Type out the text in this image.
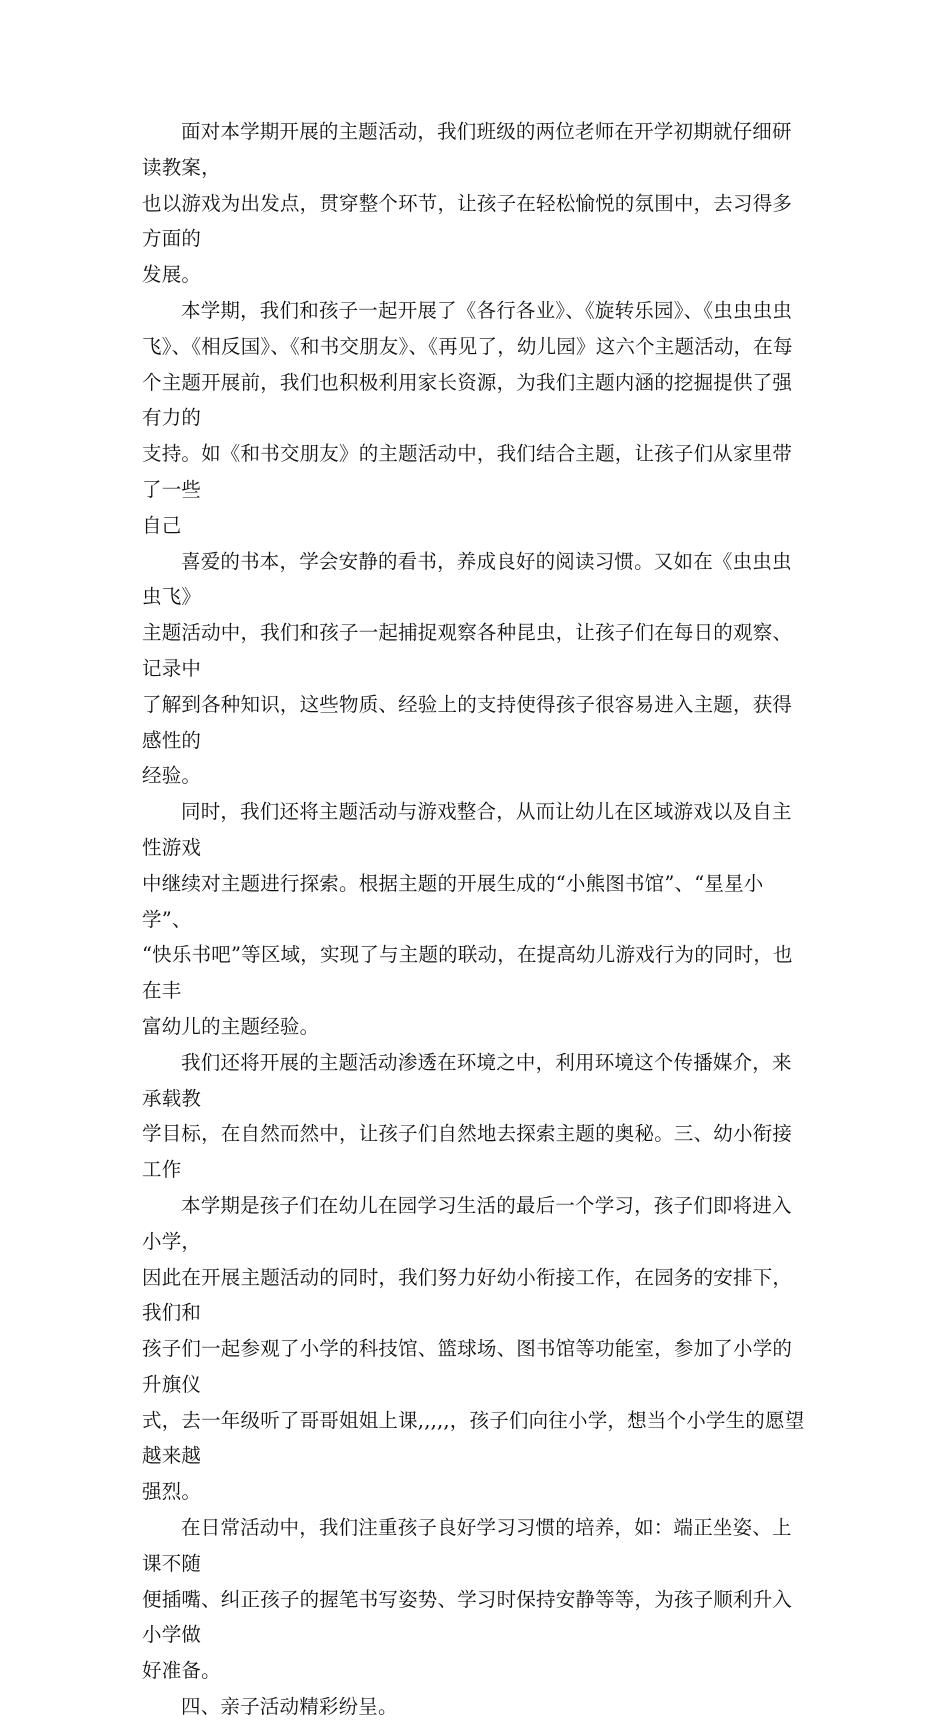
面对本学期开展的主题活动，我们班级的两位老师在开学初期就仔细研读教案，
也以游戏为出发点，贯穿整个环节，让孩子在轻松愉悦的氛围中，去习得多方面的
发展。

本学期，我们和孩子一起开展了《各行各业》、《旋转乐园》、《虫虫虫虫
飞》、《相反国》、《和书交朋友》、《再见了，幼儿园》这六个主题活动，在每
个主题开展前，我们也积极利用家长资源，为我们主题内涵的挖掘提供了强有力的
支持。如《和书交朋友》的主题活动中，我们结合主题，让孩子们从家里带了一些
自己

喜爱的书本，学会安静的看书，养成良好的阅读习惯。又如在《虫虫虫虫飞》
主题活动中，我们和孩子一起捕捉观察各种昆虫，让孩子们在每日的观察、记录中
了解到各种知识，这些物质、经验上的支持使得孩子很容易进入主题，获得感性的
经验。

同时，我们还将主题活动与游戏整合，从而让幼儿在区域游戏以及自主性游戏
中继续对主题进行探索。根据主题的开展生成的“小熊图书馆”、“星星小学”、
“快乐书吧”等区域，实现了与主题的联动，在提高幼儿游戏行为的同时，也在丰
富幼儿的主题经验。

我们还将开展的主题活动渗透在环境之中，利用环境这个传播媒介，来承载教
学目标，在自然而然中，让孩子们自然地去探索主题的奥秘。三、幼小衔接工作

本学期是孩子们在幼儿在园学习生活的最后一个学习，孩子们即将进入小学，
因此在开展主题活动的同时，我们努力好幼小衔接工作，在园务的安排下，我们和
孩子们一起参观了小学的科技馆、篮球场、图书馆等功能室，参加了小学的升旗仪
式，去一年级听了哥哥姐姐上课,,,,,，孩子们向往小学，想当个小学生的愿望越来越
强烈。

在日常活动中，我们注重孩子良好学习习惯的培养，如：端正坐姿、上课不随
便插嘴、纠正孩子的握笔书写姿势、学习时保持安静等等，为孩子顺利升入小学做
好准备。

四、亲子活动精彩纷呈。
